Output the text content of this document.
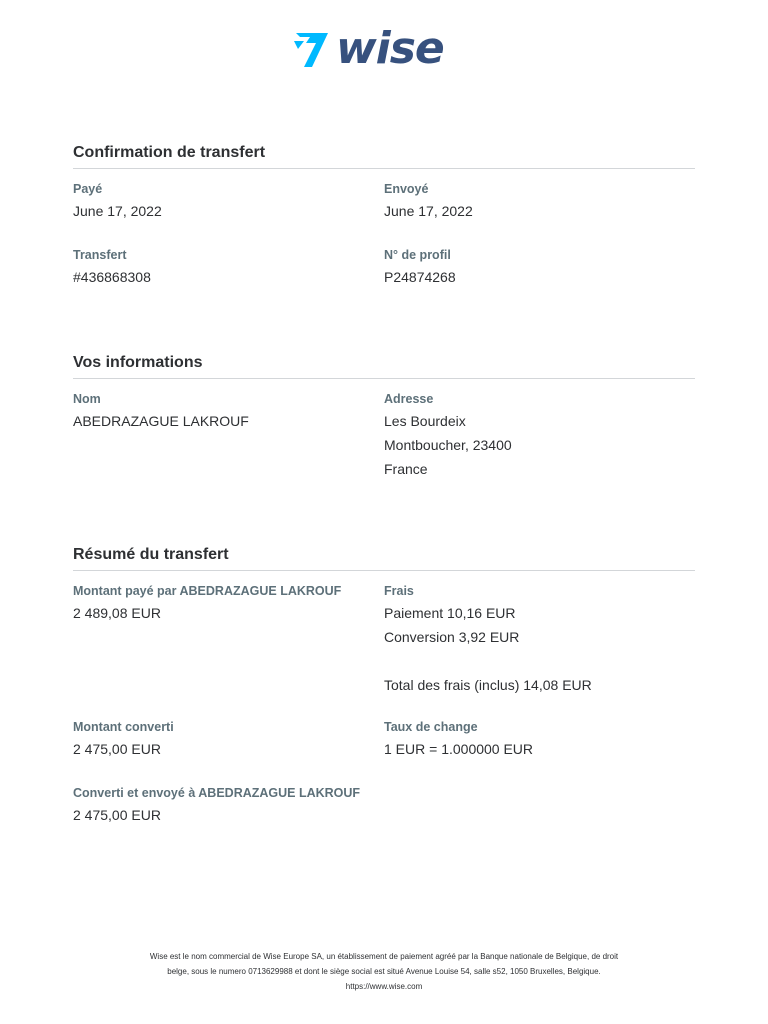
wise
Confirmation de transfert
Payé
June 17, 2022
Envoyé
June 17, 2022
Transfert
#436868308
N° de profil
P24874268
Vos informations
Nom
ABEDRAZAGUE LAKROUF
Adresse
Les Bourdeix
Montboucher, 23400
France
Résumé du transfert
Montant payé par ABEDRAZAGUE LAKROUF
2 489,08 EUR
Frais
Paiement 10,16 EUR
Conversion 3,92 EUR
Total des frais (inclus) 14,08 EUR
Montant converti
2 475,00 EUR
Taux de change
1 EUR = 1.000000 EUR
Converti et envoyé à ABEDRAZAGUE LAKROUF
2 475,00 EUR
Wise est le nom commercial de Wise Europe SA, un établissement de paiement agréé par la Banque nationale de Belgique, de droit
belge, sous le numero 0713629988 et dont le siège social est situé Avenue Louise 54, salle s52, 1050 Bruxelles, Belgique.
https://www.wise.com
